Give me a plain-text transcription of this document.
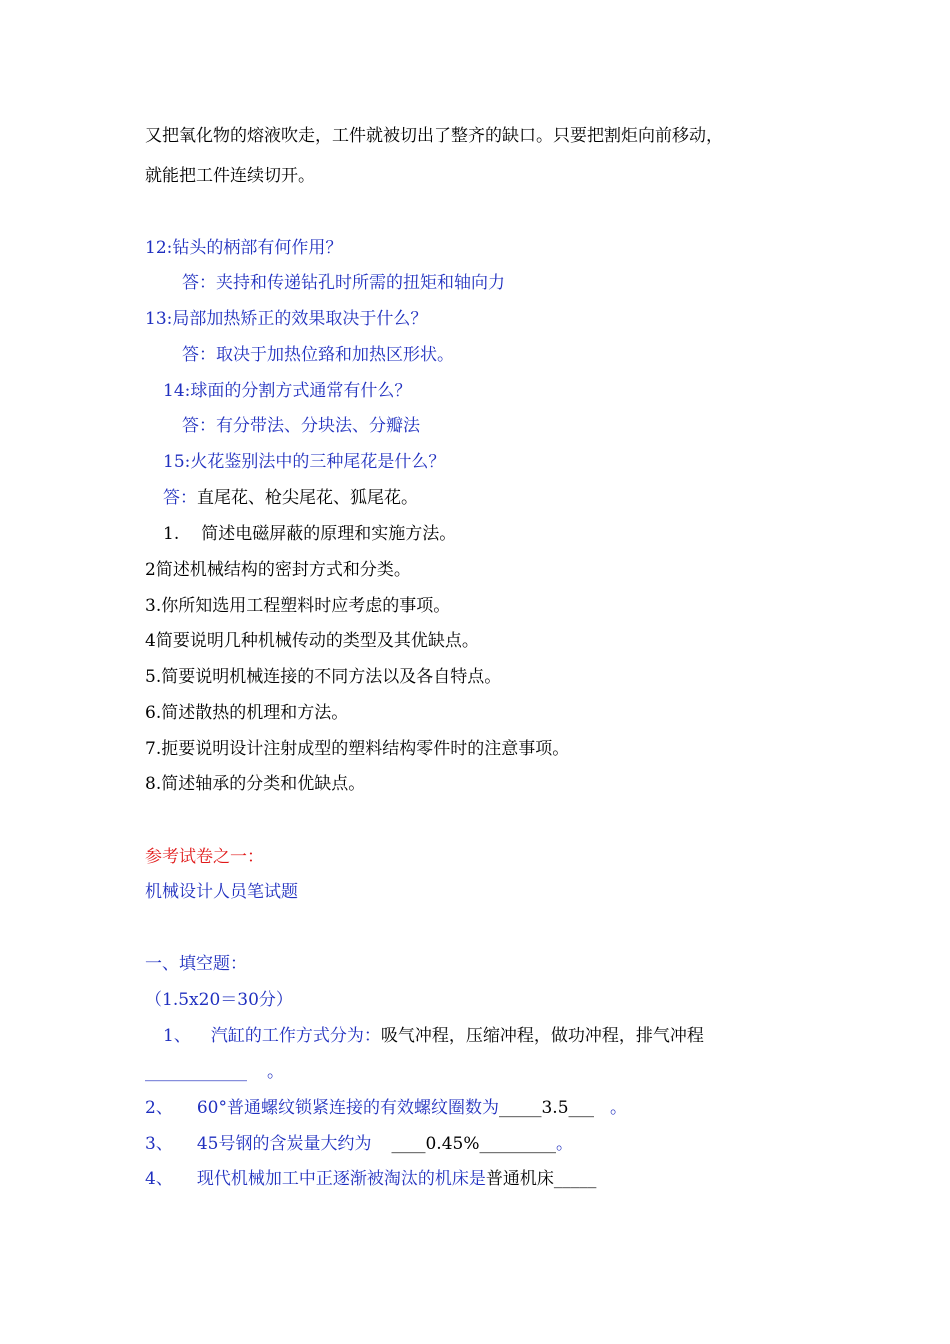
又把氧化物的熔液吹走，工件就被切出了整齐的缺口。只要把割炬向前移动，
就能把工件连续切开。
12:钻头的柄部有何作用？
答：夹持和传递钻孔时所需的扭矩和轴向力
13:局部加热矫正的效果取决于什么？
答：取决于加热位臵和加热区形状。
14:球面的分割方式通常有什么？
答：有分带法、分块法、分瓣法
15:火花鉴别法中的三种尾花是什么？
答：直尾花、枪尖尾花、狐尾花。
1. 简述电磁屏蔽的原理和实施方法。
2简述机械结构的密封方式和分类。
3.你所知选用工程塑料时应考虑的事项。
4简要说明几种机械传动的类型及其优缺点。
5.简要说明机械连接的不同方法以及各自特点。
6.简述散热的机理和方法。
7.扼要说明设计注射成型的塑料结构零件时的注意事项。
8.简述轴承的分类和优缺点。
参考试卷之一：
机械设计人员笔试题
一、填空题：
（1.5x20＝30分）
1、 汽缸的工作方式分为：吸气冲程，压缩冲程，做功冲程，排气冲程
____________ 。
2、 60°普通螺纹锁紧连接的有效螺纹圈数为_____3.5___ 。
3、 45号钢的含炭量大约为 ____0.45%_________。
4、 现代机械加工中正逐渐被淘汰的机床是普通机床_____
